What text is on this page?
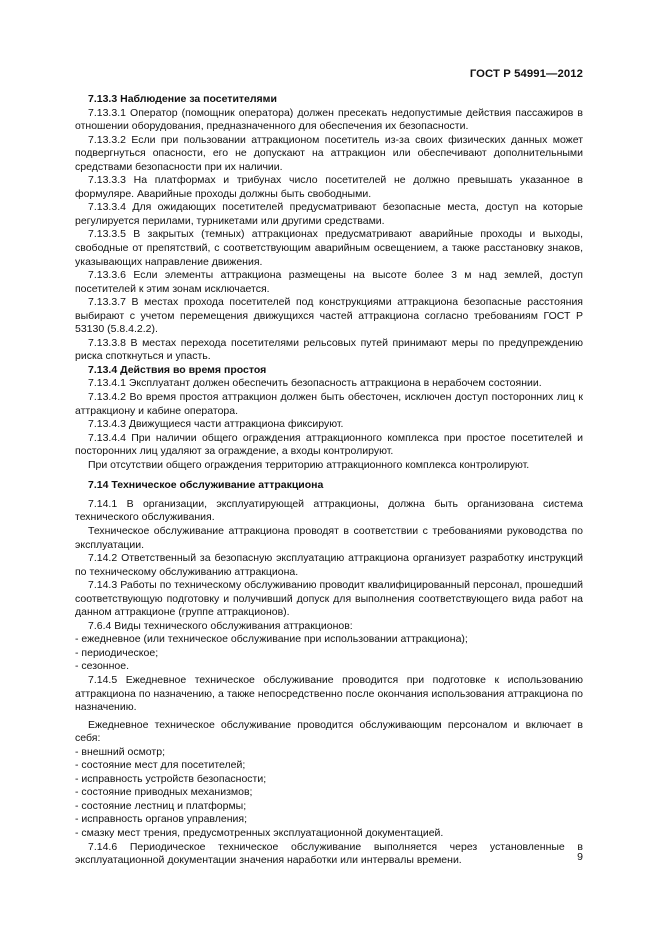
ГОСТ Р 54991—2012

7.13.3 Наблюдение за посетителями

7.13.3.1 Оператор (помощник оператора) должен пресекать недопустимые действия пассажиров в отношении оборудования, предназначенного для обеспечения их безопасности.

7.13.3.2 Если при пользовании аттракционом посетитель из-за своих физических данных может подвергнуться опасности, его не допускают на аттракцион или обеспечивают дополнительными средствами безопасности при их наличии.

7.13.3.3 На платформах и трибунах число посетителей не должно превышать указанное в формуляре. Аварийные проходы должны быть свободными.

7.13.3.4 Для ожидающих посетителей предусматривают безопасные места, доступ на которые регулируется перилами, турникетами или другими средствами.

7.13.3.5 В закрытых (темных) аттракционах предусматривают аварийные проходы и выходы, свободные от препятствий, с соответствующим аварийным освещением, а также расстановку знаков, указывающих направление движения.

7.13.3.6 Если элементы аттракциона размещены на высоте более 3 м над землей, доступ посетителей к этим зонам исключается.

7.13.3.7 В местах прохода посетителей под конструкциями аттракциона безопасные расстояния выбирают с учетом перемещения движущихся частей аттракциона согласно требованиям ГОСТ Р 53130 (5.8.4.2.2).

7.13.3.8 В местах перехода посетителями рельсовых путей принимают меры по предупреждению риска споткнуться и упасть.

7.13.4 Действия во время простоя

7.13.4.1 Эксплуатант должен обеспечить безопасность аттракциона в нерабочем состоянии.

7.13.4.2 Во время простоя аттракцион должен быть обесточен, исключен доступ посторонних лиц к аттракциону и кабине оператора.

7.13.4.3 Движущиеся части аттракциона фиксируют.

7.13.4.4 При наличии общего ограждения аттракционного комплекса при простое посетителей и посторонних лиц удаляют за ограждение, а входы контролируют.

При отсутствии общего ограждения территорию аттракционного комплекса контролируют.

7.14 Техническое обслуживание аттракциона

7.14.1 В организации, эксплуатирующей аттракционы, должна быть организована система технического обслуживания.

Техническое обслуживание аттракциона проводят в соответствии с требованиями руководства по эксплуатации.

7.14.2 Ответственный за безопасную эксплуатацию аттракциона организует разработку инструкций по техническому обслуживанию аттракциона.

7.14.3 Работы по техническому обслуживанию проводит квалифицированный персонал, прошедший соответствующую подготовку и получивший допуск для выполнения соответствующего вида работ на данном аттракционе (группе аттракционов).

7.6.4 Виды технического обслуживания аттракционов:

- ежедневное (или техническое обслуживание при использовании аттракциона);

- периодическое;

- сезонное.

7.14.5 Ежедневное техническое обслуживание проводится при подготовке к использованию аттракциона по назначению, а также непосредственно после окончания использования аттракциона по назначению.

Ежедневное техническое обслуживание проводится обслуживающим персоналом и включает в себя:

- внешний осмотр;

- состояние мест для посетителей;

- исправность устройств безопасности;

- состояние приводных механизмов;

- состояние лестниц и платформы;

- исправность органов управления;

- смазку мест трения, предусмотренных эксплуатационной документацией.

7.14.6 Периодическое техническое обслуживание выполняется через установленные в эксплуатационной документации значения наработки или интервалы времени.	9
